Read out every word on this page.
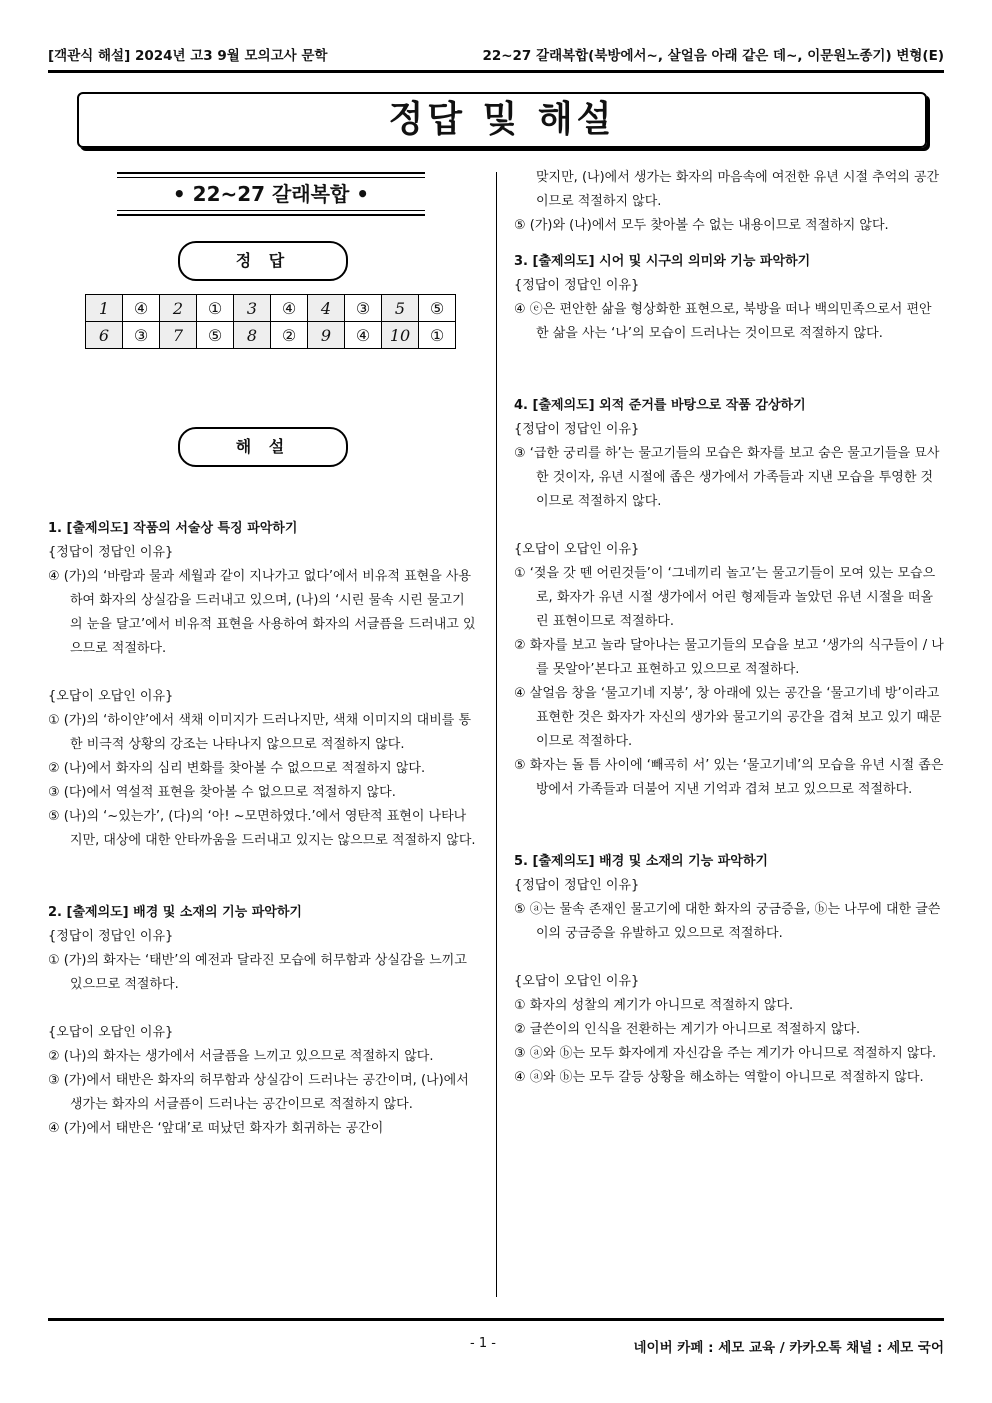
[객관식 해설] 2024년 고3 9월 모의고사 문학	22~27 갈래복합(북방에서~, 살얼음 아래 같은 데~, 이문원노종기) 변형(E)
정답 및 해설
• 22~27 갈래복합 •
정 답
1	④	2	①	3	④	4	③	5	⑤
6	③	7	⑤	8	②	9	④	10	①
해 설
1. [출제의도] 작품의 서술상 특징 파악하기
{정답이 정답인 이유}
④ (가)의 ‘바람과 물과 세월과 같이 지나가고 없다’에서 비유적 표현을 사용하여 화자의 상실감을 드러내고 있으며, (나)의 ‘시린 물속 시린 물고기의 눈을 달고’에서 비유적 표현을 사용하여 화자의 서글픔을 드러내고 있으므로 적절하다.
{오답이 오답인 이유}
① (가)의 ‘하이얀’에서 색채 이미지가 드러나지만, 색채 이미지의 대비를 통한 비극적 상황의 강조는 나타나지 않으므로 적절하지 않다.
② (나)에서 화자의 심리 변화를 찾아볼 수 없으므로 적절하지 않다.
③ (다)에서 역설적 표현을 찾아볼 수 없으므로 적절하지 않다.
⑤ (나)의 ‘~있는가’, (다)의 ‘아! ~모면하였다.’에서 영탄적 표현이 나타나지만, 대상에 대한 안타까움을 드러내고 있지는 않으므로 적절하지 않다.
2. [출제의도] 배경 및 소재의 기능 파악하기
{정답이 정답인 이유}
① (가)의 화자는 ‘태반’의 예전과 달라진 모습에 허무함과 상실감을 느끼고 있으므로 적절하다.
{오답이 오답인 이유}
② (나)의 화자는 생가에서 서글픔을 느끼고 있으므로 적절하지 않다.
③ (가)에서 태반은 화자의 허무함과 상실감이 드러나는 공간이며, (나)에서 생가는 화자의 서글픔이 드러나는 공간이므로 적절하지 않다.
④ (가)에서 태반은 ‘앞대’로 떠났던 화자가 회귀하는 공간이
맞지만, (나)에서 생가는 화자의 마음속에 여전한 유년 시절 추억의 공간이므로 적절하지 않다.
⑤ (가)와 (나)에서 모두 찾아볼 수 없는 내용이므로 적절하지 않다.
3. [출제의도] 시어 및 시구의 의미와 기능 파악하기
{정답이 정답인 이유}
④ ⓔ은 편안한 삶을 형상화한 표현으로, 북방을 떠나 백의민족으로서 편안한 삶을 사는 ‘나’의 모습이 드러나는 것이므로 적절하지 않다.
4. [출제의도] 외적 준거를 바탕으로 작품 감상하기
{정답이 정답인 이유}
③ ‘급한 궁리를 하’는 물고기들의 모습은 화자를 보고 숨은 물고기들을 묘사한 것이자, 유년 시절에 좁은 생가에서 가족들과 지낸 모습을 투영한 것이므로 적절하지 않다.
{오답이 오답인 이유}
① ‘젖을 갓 뗀 어린것들’이 ‘그네끼리 놀고’는 물고기들이 모여 있는 모습으로, 화자가 유년 시절 생가에서 어린 형제들과 놀았던 유년 시절을 떠올린 표현이므로 적절하다.
② 화자를 보고 놀라 달아나는 물고기들의 모습을 보고 ‘생가의 식구들이 / 나를 못알아’본다고 표현하고 있으므로 적절하다.
④ 살얼음 창을 ‘물고기네 지붕’, 창 아래에 있는 공간을 ‘물고기네 방’이라고 표현한 것은 화자가 자신의 생가와 물고기의 공간을 겹쳐 보고 있기 때문이므로 적절하다.
⑤ 화자는 돌 틈 사이에 ‘빼곡히 서’ 있는 ‘물고기네’의 모습을 유년 시절 좁은 방에서 가족들과 더불어 지낸 기억과 겹쳐 보고 있으므로 적절하다.
5. [출제의도] 배경 및 소재의 기능 파악하기
{정답이 정답인 이유}
⑤ ⓐ는 물속 존재인 물고기에 대한 화자의 궁금증을, ⓑ는 나무에 대한 글쓴이의 궁금증을 유발하고 있으므로 적절하다.
{오답이 오답인 이유}
① 화자의 성찰의 계기가 아니므로 적절하지 않다.
② 글쓴이의 인식을 전환하는 계기가 아니므로 적절하지 않다.
③ ⓐ와 ⓑ는 모두 화자에게 자신감을 주는 계기가 아니므로 적절하지 않다.
④ ⓐ와 ⓑ는 모두 갈등 상황을 해소하는 역할이 아니므로 적절하지 않다.
- 1 -	네이버 카페 : 세모 교육 / 카카오톡 채널 : 세모 국어
